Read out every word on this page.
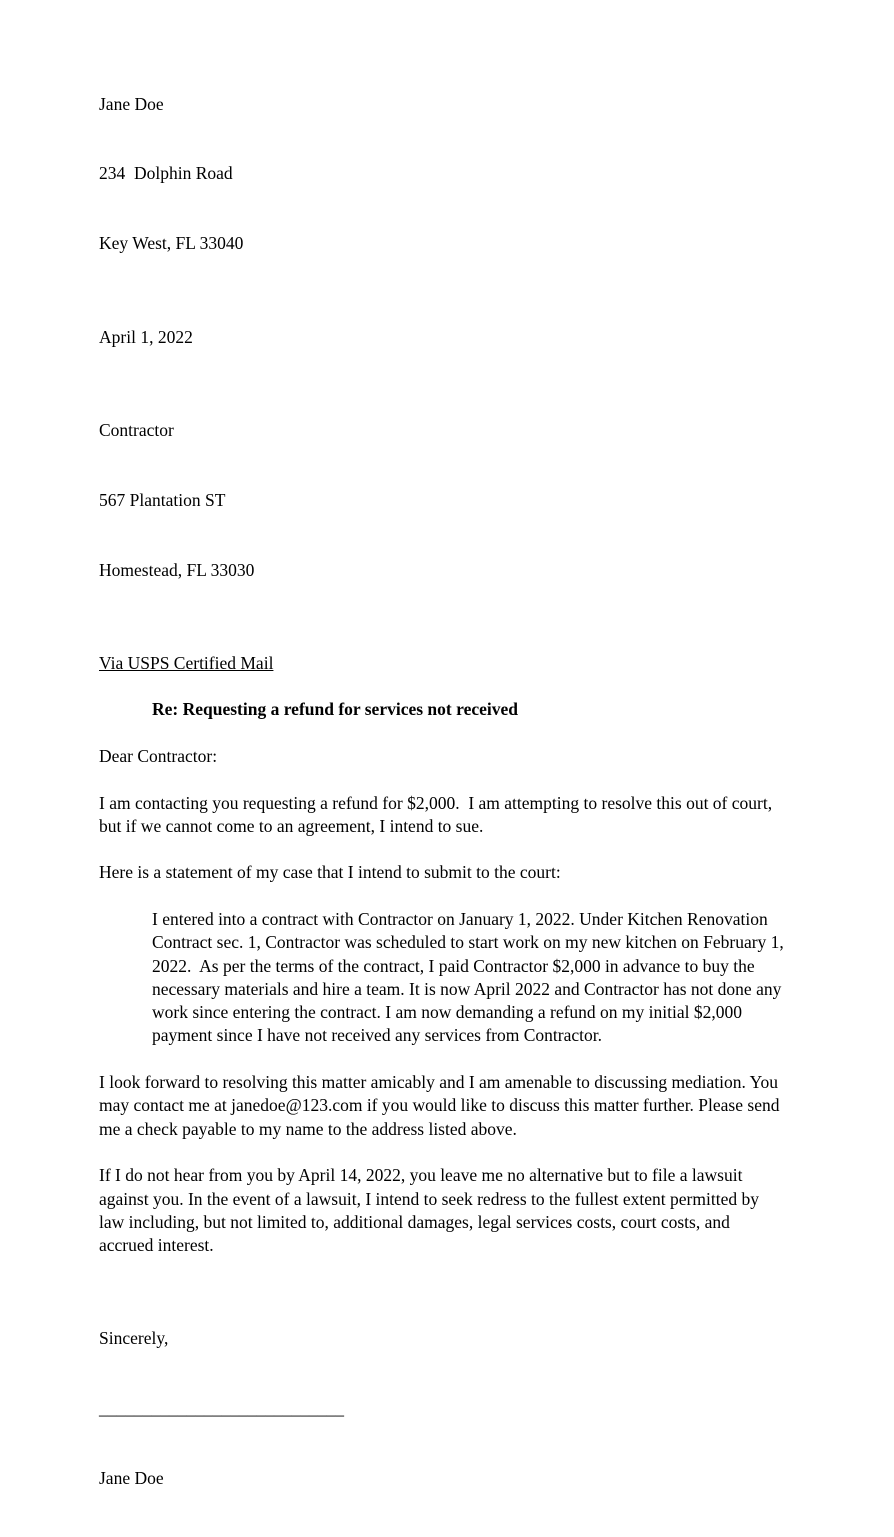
Jane Doe

234  Dolphin Road

Key West, FL 33040

April 1, 2022

Contractor

567 Plantation ST

Homestead, FL 33030

Via USPS Certified Mail
Re: Requesting a refund for services not received
Dear Contractor:
I am contacting you requesting a refund for $2,000.  I am attempting to resolve this out of court, but if we cannot come to an agreement, I intend to sue.
Here is a statement of my case that I intend to submit to the court:
I entered into a contract with Contractor on January 1, 2022. Under Kitchen Renovation Contract sec. 1, Contractor was scheduled to start work on my new kitchen on February 1, 2022.  As per the terms of the contract, I paid Contractor $2,000 in advance to buy the necessary materials and hire a team. It is now April 2022 and Contractor has not done any work since entering the contract. I am now demanding a refund on my initial $2,000 payment since I have not received any services from Contractor.
I look forward to resolving this matter amicably and I am amenable to discussing mediation. You may contact me at janedoe@123.com if you would like to discuss this matter further. Please send me a check payable to my name to the address listed above.
If I do not hear from you by April 14, 2022, you leave me no alternative but to file a lawsuit against you. In the event of a lawsuit, I intend to seek redress to the fullest extent permitted by law including, but not limited to, additional damages, legal services costs, court costs, and accrued interest.

Sincerely,

____________________________

Jane Doe
